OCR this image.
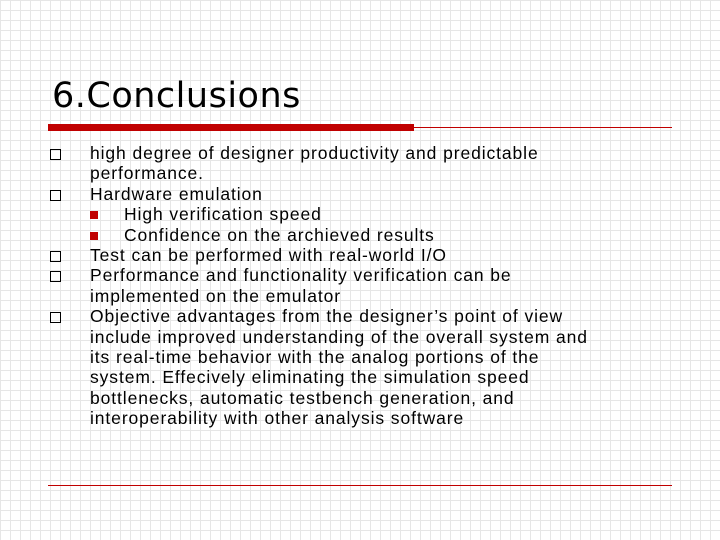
6.Conclusions
high degree of designer productivity and predictable
performance.
Hardware emulation
High verification speed
Confidence on the archieved results
Test can be performed with real-world I/O
Performance and functionality verification can be
implemented on the emulator
Objective advantages from the designer’s point of view
include improved understanding of the overall system and
its real-time behavior with the analog portions of the
system. Effecively eliminating the simulation speed
bottlenecks, automatic testbench generation, and
interoperability with other analysis software
